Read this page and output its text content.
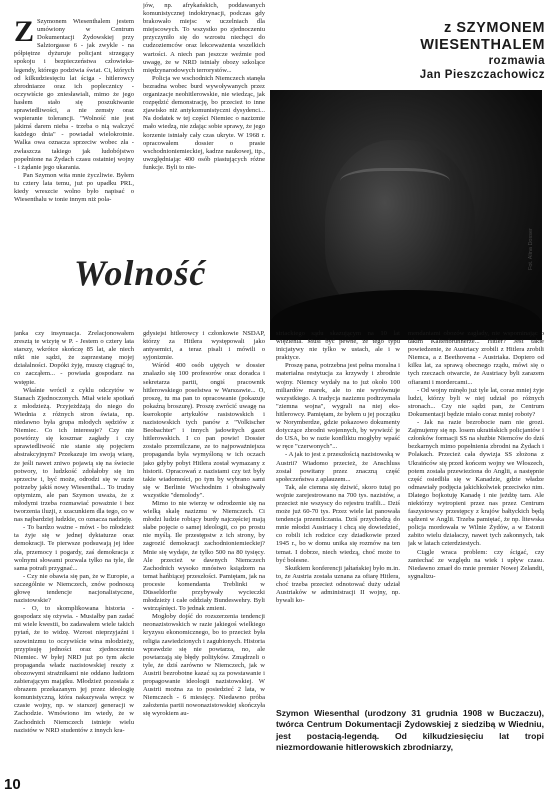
z SZYMONEM
WIESENTHALEM
rozmawia
Jan Pieszczachowicz
Fot. Alina Dosser
Z Szymonem Wiesenthalem jestem umówiony w Centrum Dokumentacji Żydowskiej przy Salztorgasse 6 - jak zwykle - na półpiętrze dyżuruje policjant strzegący spokoju i bezpieczeństwa człowieka-legendy, którego podziwia świat. Ci, których od kilkudziesięciu lat ściga - hitlerowcy zbrodniarze oraz ich poplecznicy - oczywiście go zniesławiali, mimo że jego hasłem stało się poszukiwanie sprawiedliwości, a nie zemsty oraz wspieranie tolerancji. "Wolność nie jest jakimś darem nieba - trzeba o nią walczyć każdego dnia" - powiadał wielokrotnie. Walka owa oznacza sprzeciw wobec zła - zwłaszcza takiego jak ludobójstwo popełnione na Żydach czasu ostatniej wojny - i żądanie jego ukarania.

Pan Szymon wita mnie życzliwie. Byłem tu cztery lata temu, już po upadku PRL, kiedy wreszcie wolno było napisać o Wiesenthalu w tonie innym niż pola-

jów, np. afrykańskich, poddawanych komunistycznej indoktrynacji, podczas gdy brakowało miejsc w uczelniach dla miejscowych. To wszystko po zjednoczeniu przyczyniło się do wzrostu niechęci do cudzoziemców oraz lekceważenia wszelkich wartości. A niech pan jeszcze weźmie pod uwagę, że w NRD istniały obozy szkolące międzynarodowych terrorystów...

Policja we wschodnich Niemczech stanęła bezradna wobec burd wywoływanych przez organizacje neohitlerowskie, nie wiedząc, jak rozpędzić demonstrację, bo przecież to inne zjawisko niż antykomunistyczni dysydenci... Na dodatek w tej części Niemiec o nazizmie mało wiedzą, nie zdając sobie sprawy, że jego korzenie istniały cały czas ukryte. W 1968 r. opracowałem dossier o prasie wschodnioniemieckiej, kadrze naukowej, itp., uwzględniając 400 osób piastujących różne funkcje. Byli to nie-

Wolność

janka czy insynuacja. Zrelacjonowałem zresztą te wizytę w P. - Jestem o cztery lata starszy, wkrótce skończę 85 lat, ale niech nikt nie sądzi, że zaprzestanę mojej działalności. Dopóki żyję, muszę ciągnąć to, co zacząłem... - powiada gospodarz na wstępie.

Właśnie wrócił z cyklu odczytów w Stanach Zjednoczonych. Miał wiele spotkań z młodzieżą. Przyjeżdżają do niego do Wiednia z różnych stron świata, np. niedawno była grupa młodych sędziów z Niemiec. Co ich interesuje? Czy nie powtórzy się koszmar zagłady i czy sprawiedliwość nie stanie się pojęciem abstrakcyjnym? Przekazuje im swoją wiarę, że jeśli nawet zniwo pojawią się na świecie potwory, to ludzkość zdołałoby się im sprzeciw i, być może, odrodzi się w razie potrzeby jakiś nowy Wiesenthal... To trudny optymizm, ale pan Szymon uważa, że z młodymi trzeba rozmawiać poważnie i bez tworzenia iluzji, z szacunkiem dla tego, co w nas najbardziej ludzkie, co oznacza nadzieję.

- To bardzo ważne - mówi - bo młodzież ta żyje się w jednej dyktaturze oraz demokracji. Te pierwsze podsuwają jej idee zła, przemocy i pogardy, zaś demokracja z wolnymi słowami pozwala tylko na tyle, ile sama potrafi przygnać...

- Czy nie obawia się pan, że w Europie, a szczególnie w Niemczech, znów podnoszą głowę tendencje nacjonalistyczne, nazistowskie?

- O, to skomplikowana historia - gospodarz się ożywia. - Musiałby pan zadać mi wiele kwestii, bo zadawałem wiele takich pytań, że to widzę. Wzrost nieprzyjaźni i szowinizmu to oczywiście wina młodzieży, przypisuję jedności oraz zjednoczeniu Niemiec. W byłej NRD już po tym akcie propaganda władz nazistowskiej reszty z obozowymi strażnikami nie oddano ludziom zabierającym majątku. Młodzież pozostała z obrazem przekazanym jej przez ideologię komunistyczną, która nakazywała wręcz w czasie wojny, np. w starszej generacji w Zachodzie. Wmówiono im wtedy, że w Zachodnich Niemczech istnieje wielu nazistów w NRD studentów z innych kra-

gdysiejsi hitlerowcy i członkowie NSDAP, którzy za Hitlera występowali jako antysemici, a teraz pisali i mówili o syjonizmie.

Wśród 400 osób ujętych w dossier znalazło się 100 profesorów oraz doradca i sekretarza partii, ongiś pracownik hitlerowskiego poselstwa w Warszawie... O, proszę, tu ma pan to opracowanie (pokazuje pokaźną broszurę). Proszę zwrócić uwagę na kserokopie artykułów rasistowskich i nazistowskich tych panów z "Volkischer Beobachter" i innych jadowitych gazet hitlerowskich. I co pan powie! Dossier zostało przemilczane, ze to najpoważniejsza propaganda była wymyśloną w ich oczach jako gdyby pobyt Hitlera został wymazany z historii. Opracowań z nazistami czy też były takie wiadomości, po tym by wybrano sami się w Berlinie Wschodnim i obsługiwały wszystkie "demolody".

Mimo to nie wierzę w odrodzenie się na wielką skalę nazizmu w Niemczech. Ci młodzi ludzie robiący burdy najczęściej mają słabe pojęcie o samej ideologii, co po prostu nie myślą. Ile przestępstw z ich strony, by zagrozić demokracji zachodnioniemieckiej? Mnie się wydaje, że tylko 500 na 80 tysięcy. Ale przecież w dawnych Niemczech Zachodnich wysoko mnóstwo ksiądzem na temat hańbiącej przeszłości. Pamiętam, jak na procesie komendanta Treblinki w Düsseldorfie przybywały wycieczki młodzieży i całe oddziały Bundeswehry. Byli wstrząśnięci. To jednak zmieni.

Mogłoby dojść do rozszerzenia tendencji neonazistowskich w razie jakiegoś wielkiego kryzysu ekonomicznego, bo to przecież była religia zawiedzionych i zagubionych. Historia wprawdzie się nie powtarza, no, ale powtarzają się błędy polityków. Zmądrzeli o tyle, że dziś zarówno w Niemczech, jak w Austrii bezrobotne kazać są za powstawanie i propagowanie ideologii nazistowskiej. W Austrii można za to posiedzieć 2 lata, w Niemczech - 6 miesięcy. Niedawno próba założenia partii nowonazistowskiej skończyła się wyrokiem au-

striackiego sądu skazującym na 10 lat więzienia. Musi być pewne, że tego typu inicjatywy nie tylko w ustach, ale i w praktyce.

Proszę pana, potrzebna jest pełna moralna i materialna restytucja za krzywdy i zbrodnie wojny. Niemcy wydały na to już około 100 miliardów marek, ale to nie wyrównuje wszystkiego. A tradycja nazizmu podtrzymała "ziemna wojna", wygrali na niej eks-hitlerowcy. Pamiętam, że byłem u jej początku w Norymberdze, gdzie pokazowo dokumenty dotyczące zbrodni wojennych, by wywieźć je do USA, bo w razie konfliktu mogłyby wpaść w ręce "czerwonych"...

- A jak to jest z przeszłością nazistowską w Austrii? Wiadomo przecież, że Anschluss został powitany przez znaczną część społeczeństwa z aplauzem...

Tak, ale ciemna się dziwić, skoro tutaj po wojnie zarejestrowano na 700 tys. nazistów, a przecież nie wszyscy do rejestru trafili... Dziś może już 60-70 tys. Przez wiele lat panowała tendencja przemilczania. Dziś przychodzą do mnie młodzi Austriacy i chcą się dowiedzieć, co robili ich rodzice czy dziadkowie przed 1945 r., bo w domu unika się rozmów na ten temat. I dobrze, niech wiedzą, choć może to być bolesne.

Skutkiem konferencji jałtańskiej było m.in. to, że Austria została uznana za ofiarę Hitlera, choć trzeba przecież odnotować duży udział Austriaków w administracji II wojny, np. bywali ko-

mendantami obozów zagłady, nie wspominając o takim Kaltenbrunnerze... Hitler? Jest takie powiedzenie, że Austriacy zrobili z Hitlera zrobili Niemca, a z Beethovena - Austriaka. Dopiero od kilku lat, za sprawą obecnego rządu, mówi się o tych rzeczach otwarcie, że Austriacy byli zarazem ofiarami i mordercami...

- Od wojny minęło już tyle lat, coraz mniej żyje ludzi, którzy byli w niej udział po różnych stronach... Czy nie sądzi pan, że Centrum Dokumentacji będzie miało coraz mniej roboty?

- Jak na razie bezrobocie nam nie grozi. Zajmujemy się np. losem ukraińskich policjantów i członków formacji SS na służbie Niemców do dziś bezkarnych mimo popełnienia zbrodni na Żydach i Polakach. Przecież cała dywizja SS złożona z Ukraińców się przed końcem wojny we Włoszech, potem została przewieziona do Anglii, a następnie część osiedliła się w Kanadzie, gdzie władze odmawiały podjęcia jakichkolwiek przeciwko nim. Dlatego bojkotuję Kanadę i nie jeżdżę tam. Ale niektórzy wytropieni przez nas przez Centrum faszystowscy przestępcy z krajów bałtyckich będą sądzeni w Anglii. Trzeba pamiętać, że np. litewska policja mordowała w Wilnie Żydów, a w Estonii zabito wielu działaczy, nawet tych zakonnych, tak jak w latach czterdziestych.

Ciągle wraca problem: czy ścigać, czy zaniechać ze względu na wiek i upływ czasu. Niedawno zmarł do mnie premier Nowej Zelandii, sygnalizu-

Szymon Wiesenthal (urodzony 31 grudnia 1908 w Buczaczu), twórca Centrum Dokumentacji Żydowskiej z siedzibą w Wiedniu, jest postacią-legendą. Od kilkudziesięciu lat tropi niezmordowanie hitlerowskich zbrodniarzy,
10
